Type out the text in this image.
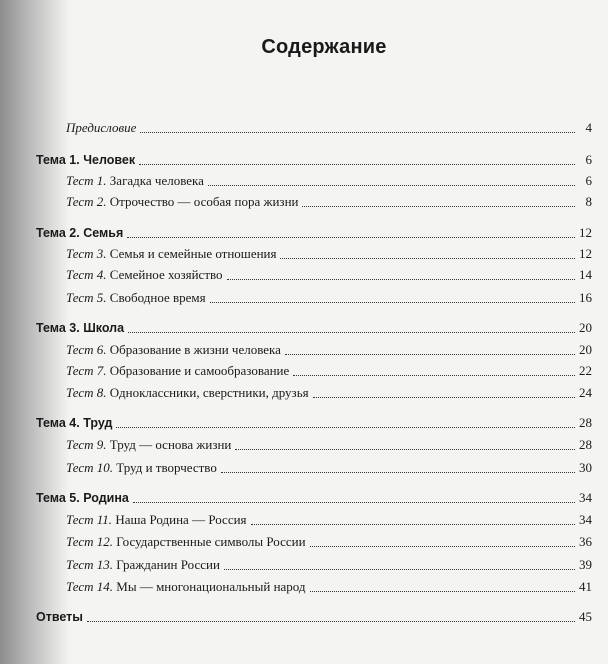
Содержание
Предисловие	4
Тема 1. Человек	6
Тест 1. Загадка человека	6
Тест 2. Отрочество — особая пора жизни	8
Тема 2. Семья	12
Тест 3. Семья и семейные отношения	12
Тест 4. Семейное хозяйство	14
Тест 5. Свободное время	16
Тема 3. Школа	20
Тест 6. Образование в жизни человека	20
Тест 7. Образование и самообразование	22
Тест 8. Одноклассники, сверстники, друзья	24
Тема 4. Труд	28
Тест 9. Труд — основа жизни	28
Тест 10. Труд и творчество	30
Тема 5. Родина	34
Тест 11. Наша Родина — Россия	34
Тест 12. Государственные символы России	36
Тест 13. Гражданин России	39
Тест 14. Мы — многонациональный народ	41
Ответы	45
